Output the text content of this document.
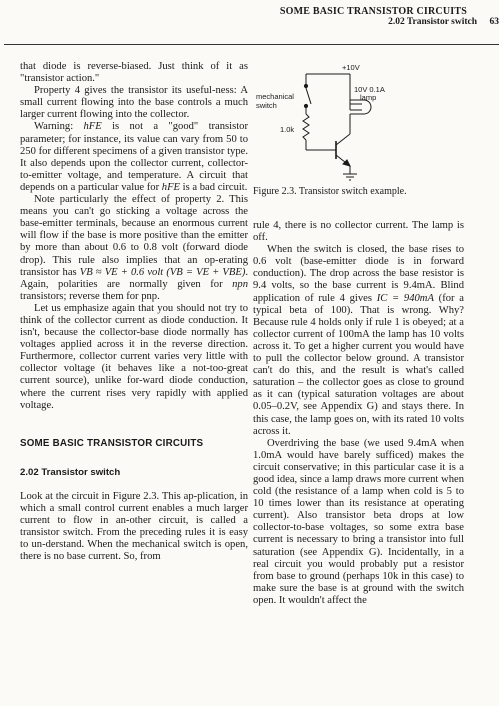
SOME BASIC TRANSISTOR CIRCUITS
2.02 Transistor switch 63

that diode is reverse-biased. Just think of it as "transistor action."

Property 4 gives the transistor its useful-ness: A small current flowing into the base controls a much larger current flowing into the collector.

Warning: hFE is not a "good" transistor parameter; for instance, its value can vary from 50 to 250 for different specimens of a given transistor type. It also depends upon the collector current, collector-to-emitter voltage, and temperature. A circuit that depends on a particular value for hFE is a bad circuit.

Note particularly the effect of property 2. This means you can't go sticking a voltage across the base-emitter terminals, because an enormous current will flow if the base is more positive than the emitter by more than about 0.6 to 0.8 volt (forward diode drop). This rule also implies that an op-erating transistor has VB ≈ VE + 0.6 volt (VB = VE + VBE). Again, polarities are normally given for npn transistors; reverse them for pnp.

Let us emphasize again that you should not try to think of the collector current as diode conduction. It isn't, because the collector-base diode normally has voltages applied across it in the reverse direction. Furthermore, collector current varies very little with collector voltage (it behaves like a not-too-great current source), unlike for-ward diode conduction, where the current rises very rapidly with applied voltage.

SOME BASIC TRANSISTOR CIRCUITS
2.02 Transistor switch

Look at the circuit in Figure 2.3. This ap-plication, in which a small control current enables a much larger current to flow in an-other circuit, is called a transistor switch. From the preceding rules it is easy to un-derstand. When the mechanical switch is open, there is no base current. So, from

+10V
10V 0.1A
lamp
mechanical
switch
1.0k
Figure 2.3. Transistor switch example.

rule 4, there is no collector current. The lamp is off.

When the switch is closed, the base rises to 0.6 volt (base-emitter diode is in forward conduction). The drop across the base resistor is 9.4 volts, so the base current is 9.4mA. Blind application of rule 4 gives IC = 940mA (for a typical beta of 100). That is wrong. Why? Because rule 4 holds only if rule 1 is obeyed; at a collector current of 100mA the lamp has 10 volts across it. To get a higher current you would have to pull the collector below ground. A transistor can't do this, and the result is what's called saturation – the collector goes as close to ground as it can (typical saturation voltages are about 0.05–0.2V, see Appendix G) and stays there. In this case, the lamp goes on, with its rated 10 volts across it.

Overdriving the base (we used 9.4mA when 1.0mA would have barely sufficed) makes the circuit conservative; in this particular case it is a good idea, since a lamp draws more current when cold (the resistance of a lamp when cold is 5 to 10 times lower than its resistance at operating current). Also transistor beta drops at low collector-to-base voltages, so some extra base current is necessary to bring a transistor into full saturation (see Appendix G). Incidentally, in a real circuit you would probably put a resistor from base to ground (perhaps 10k in this case) to make sure the base is at ground with the switch open. It wouldn't affect the
